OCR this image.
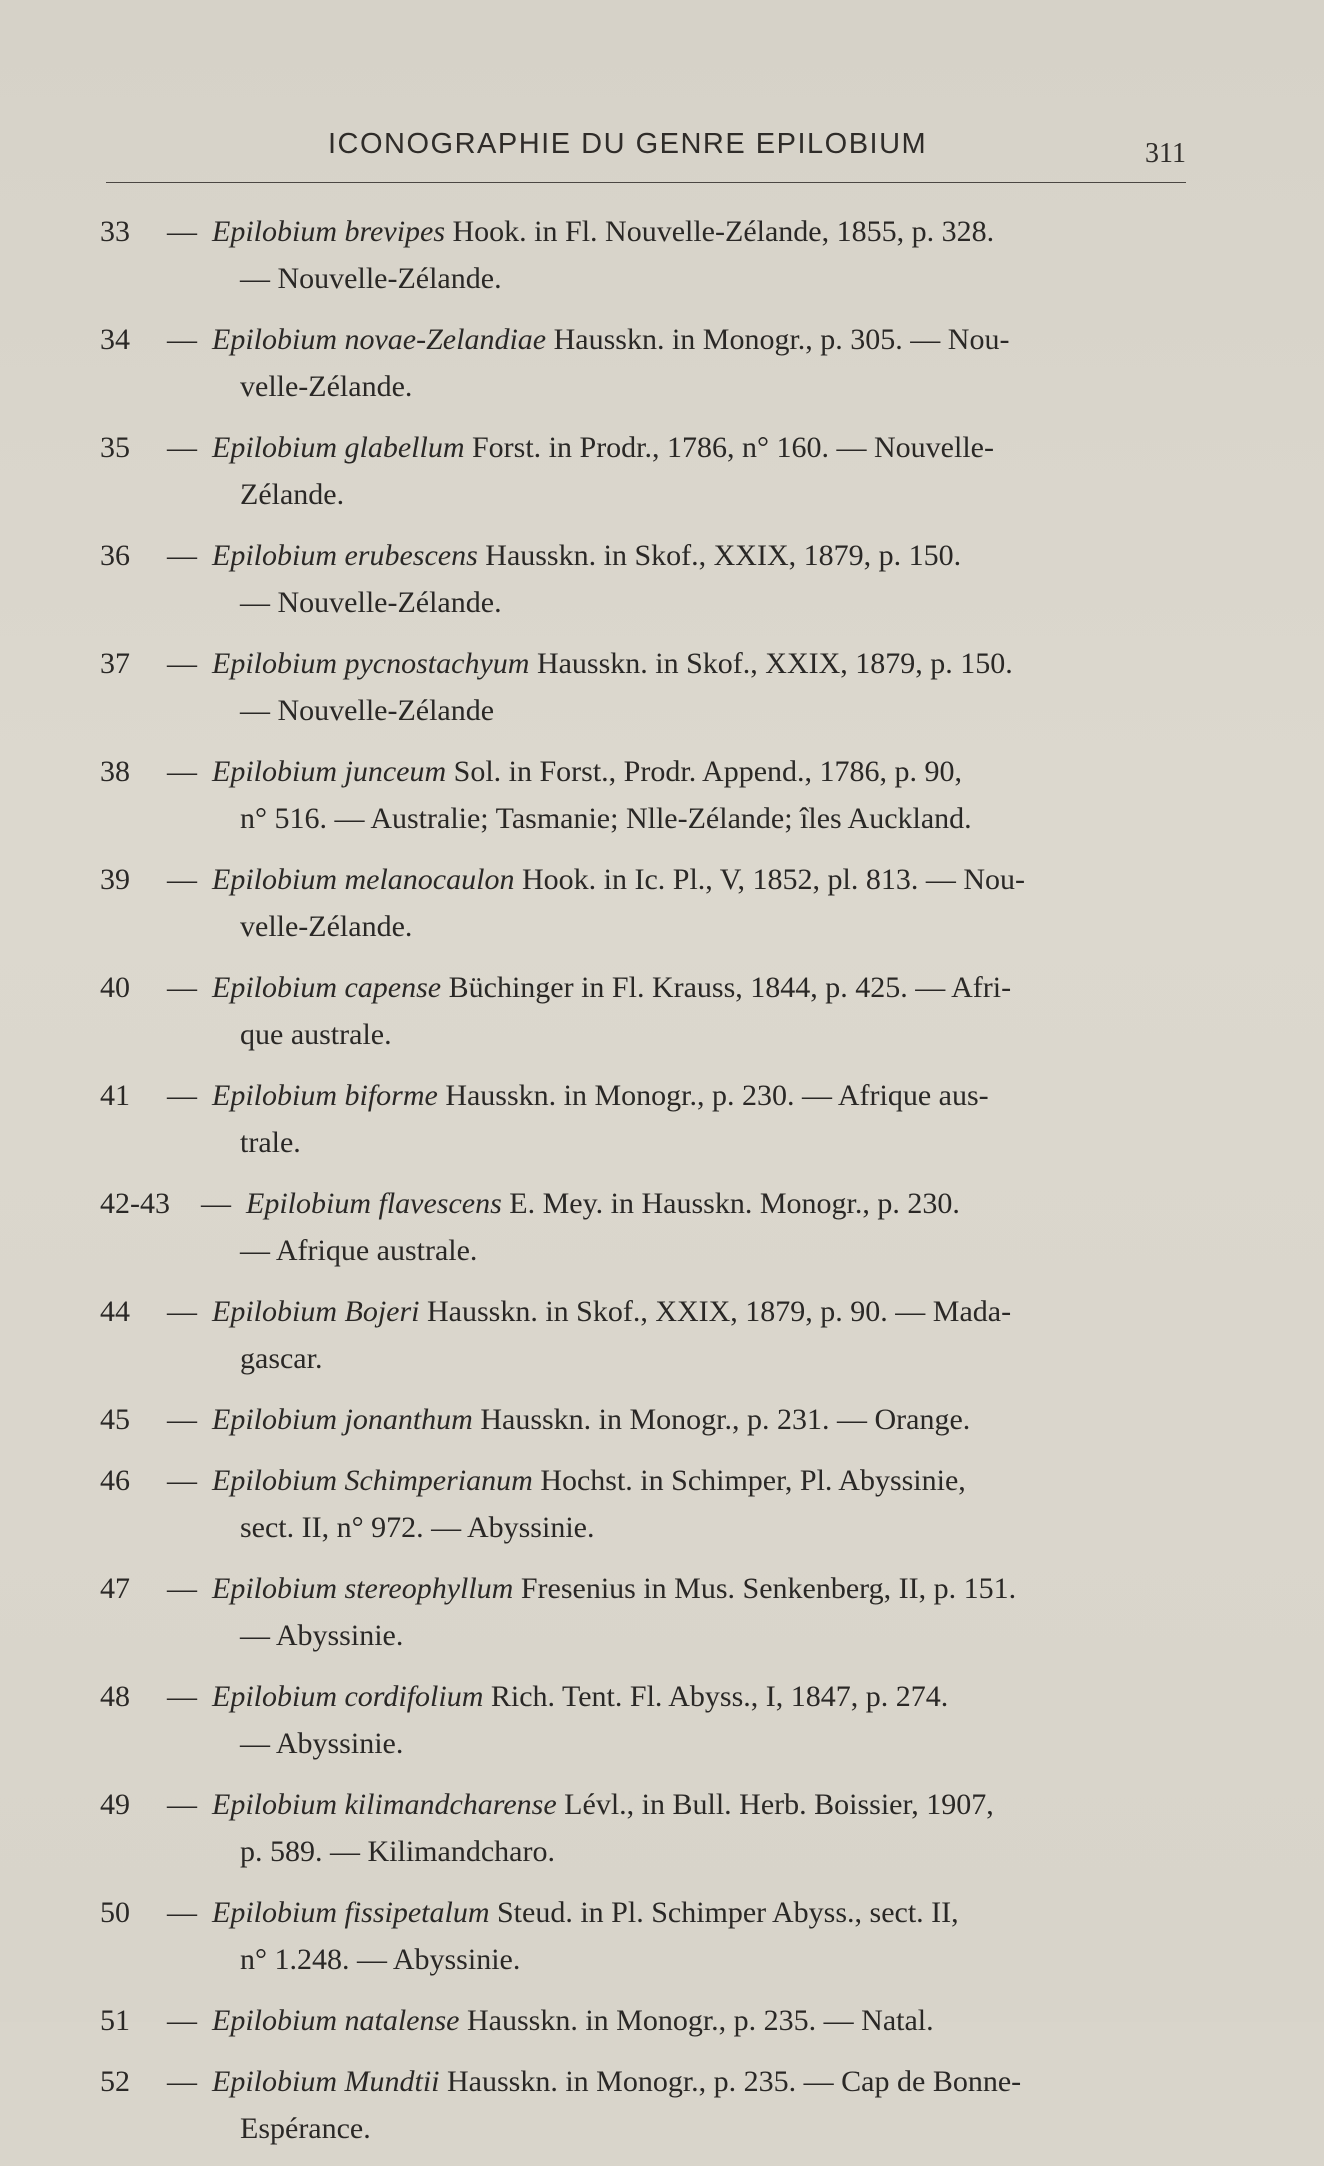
ICONOGRAPHIE DU GENRE EPILOBIUM	311
33 — Epilobium brevipes Hook. in Fl. Nouvelle-Zélande, 1855, p. 328.
— Nouvelle-Zélande.
34 — Epilobium novae-Zelandiae Hausskn. in Monogr., p. 305. — Nou-
velle-Zélande.
35 — Epilobium glabellum Forst. in Prodr., 1786, n° 160. — Nouvelle-
Zélande.
36 — Epilobium erubescens Hausskn. in Skof., XXIX, 1879, p. 150.
— Nouvelle-Zélande.
37 — Epilobium pycnostachyum Hausskn. in Skof., XXIX, 1879, p. 150.
— Nouvelle-Zélande
38 — Epilobium junceum Sol. in Forst., Prodr. Append., 1786, p. 90,
n° 516. — Australie; Tasmanie; Nlle-Zélande; îles Auckland.
39 — Epilobium melanocaulon Hook. in Ic. Pl., V, 1852, pl. 813. — Nou-
velle-Zélande.
40 — Epilobium capense Büchinger in Fl. Krauss, 1844, p. 425. — Afri-
que australe.
41 — Epilobium biforme Hausskn. in Monogr., p. 230. — Afrique aus-
trale.
42-43 — Epilobium flavescens E. Mey. in Hausskn. Monogr., p. 230.
— Afrique australe.
44 — Epilobium Bojeri Hausskn. in Skof., XXIX, 1879, p. 90. — Mada-
gascar.
45 — Epilobium jonanthum Hausskn. in Monogr., p. 231. — Orange.
46 — Epilobium Schimperianum Hochst. in Schimper, Pl. Abyssinie,
sect. II, n° 972. — Abyssinie.
47 — Epilobium stereophyllum Fresenius in Mus. Senkenberg, II, p. 151.
— Abyssinie.
48 — Epilobium cordifolium Rich. Tent. Fl. Abyss., I, 1847, p. 274.
— Abyssinie.
49 — Epilobium kilimandcharense Lévl., in Bull. Herb. Boissier, 1907,
p. 589. — Kilimandcharo.
50 — Epilobium fissipetalum Steud. in Pl. Schimper Abyss., sect. II,
n° 1.248. — Abyssinie.
51 — Epilobium natalense Hausskn. in Monogr., p. 235. — Natal.
52 — Epilobium Mundtii Hausskn. in Monogr., p. 235. — Cap de Bonne-
Espérance.
